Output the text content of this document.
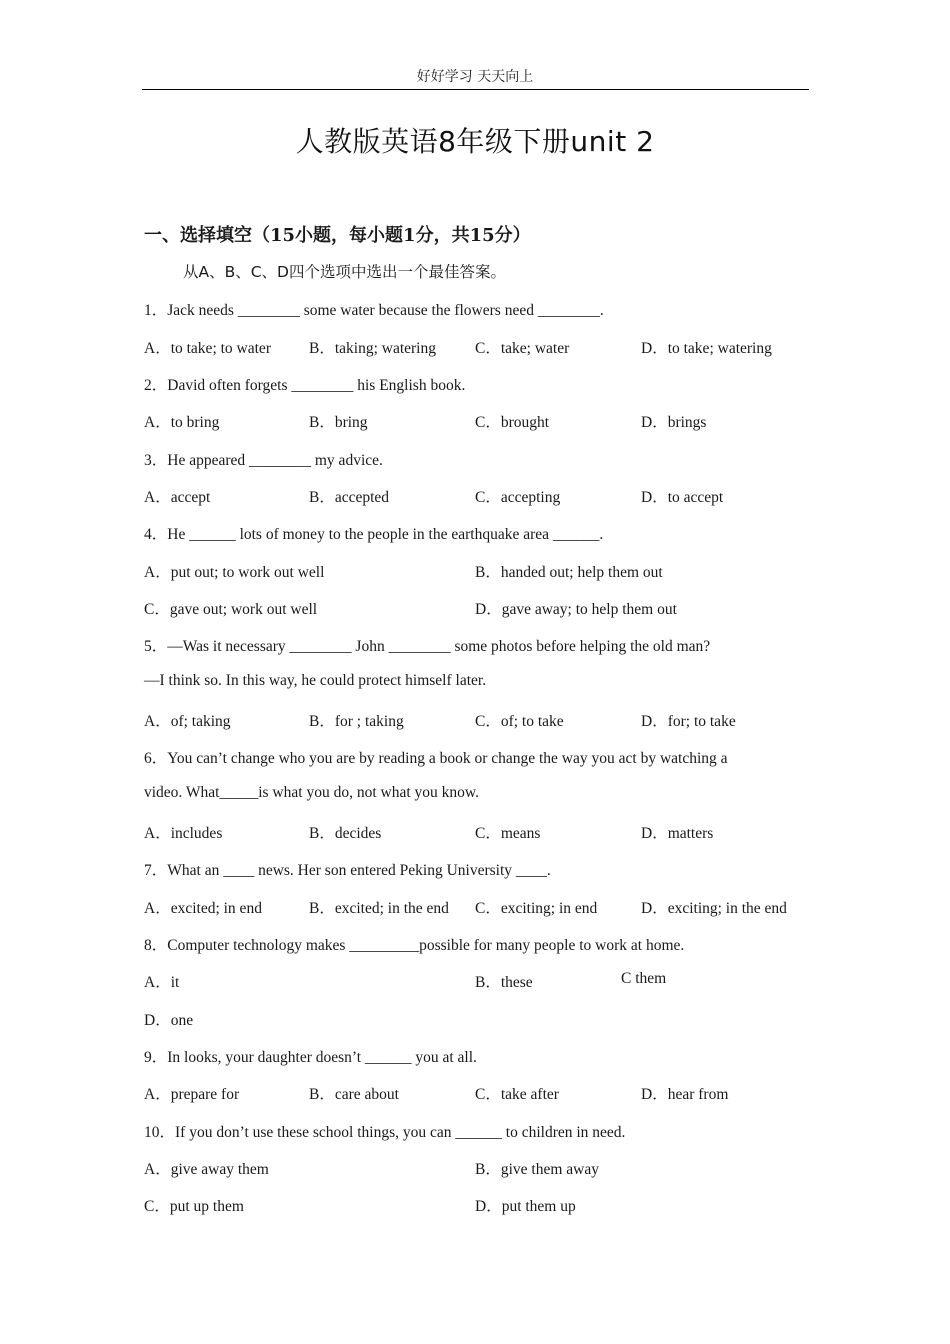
好好学习 天天向上
人教版英语8年级下册unit 2
一、选择填空（15小题，每小题1分，共15分）
从A、B、C、D四个选项中选出一个最佳答案。
1．Jack needs ________ some water because the flowers need ________.
A．to take; to water B．taking; watering	C．take; water	D．to take; watering
2．David often forgets ________ his English book.
A．to bring	B．bring	C．brought	D．brings
3．He appeared ________ my advice.
A．accept	B．accepted	C．accepting	D．to accept
4．He ______ lots of money to the people in the earthquake area ______.
A．put out; to work out well	B．handed out; help them out
C．gave out; work out well	D．gave away; to help them out
5．—Was it necessary ________ John ________ some photos before helping the old man?
—I think so. In this way, he could protect himself later.
A．of; taking	B．for ; taking	C．of; to take	D．for; to take
6．You can’t change who you are by reading a book or change the way you act by watching a
video. What_____is what you do, not what you know.
A．includes	B．decides	C．means	D．matters
7．What an ____ news. Her son entered Peking University ____.
A．excited; in end	B．excited; in the end C．exciting; in end	D．exciting; in the end
8．Computer technology makes _________possible for many people to work at home.
A．it	B．these	C them
D．one
9．In looks, your daughter doesn’t ______ you at all.
A．prepare for	B．care about	C．take after	D．hear from
10．If you don’t use these school things, you can ______ to children in need.
A．give away them	B．give them away
C．put up them	D．put them up
